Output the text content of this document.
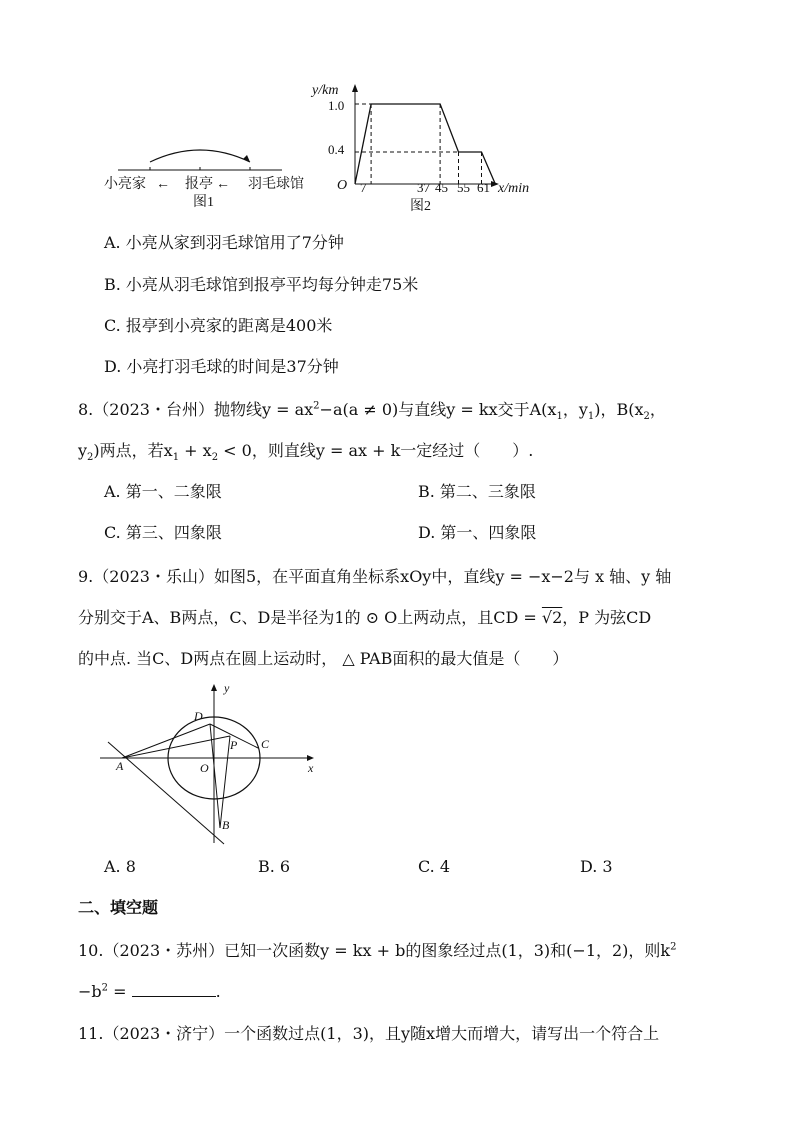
小亮家 ← 报亭 ← 羽毛球馆
图1
y/km
O
1.0
0.4
7	37 45 55 61 x/min
图2
A. 小亮从家到羽毛球馆用了7分钟
B. 小亮从羽毛球馆到报亭平均每分钟走75米
C. 报亭到小亮家的距离是400米
D. 小亮打羽毛球的时间是37分钟
8.（2023・台州）抛物线$y = ax^2-a(a \ne 0)$与直线y = kx交于$A(x_1$，$y_1$)，$B(x_2$，
$y_2$)两点，若$x_1 + x_2 < 0$，则直线y = ax + k一定经过（　　）.
A. 第一、二象限	B. 第二、三象限
C. 第三、四象限	D. 第一、四象限
9.（2023・乐山）如图5，在平面直角坐标系xOy中，直线y = −x−2与 x 轴、y 轴
分别交于A、B两点，C、D是半径为1的 ⊙ O上两动点，且CD = √2，P 为弦CD
的中点. 当C、D两点在圆上运动时， △ PAB面积的最大值是（　　）
y
x
O
A
B
C
D
P
A. 8	B. 6	C. 4	D. 3
二、填空题
10.（2023・苏州）已知一次函数y = kx + b的图象经过点(1，3)和(−1，2)，则$k^2$
$-b^2$ =	.
11.（2023・济宁）一个函数过点(1，3)，且y随x增大而增大，请写出一个符合上
